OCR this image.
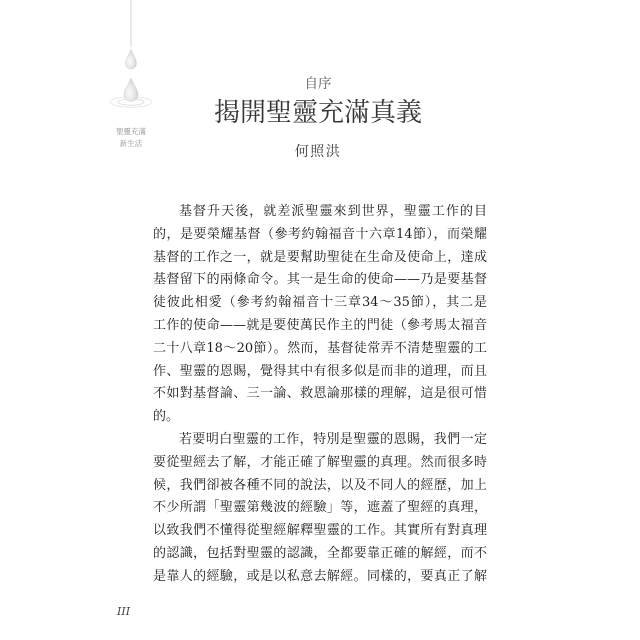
聖靈充滿
新生活
自序
揭開聖靈充滿真義
何照洪
基督升天後，就差派聖靈來到世界，聖靈工作的目
的，是要榮耀基督（參考約翰福音十六章14節），而榮耀
基督的工作之一，就是要幫助聖徒在生命及使命上，達成
基督留下的兩條命令。其一是生命的使命——乃是要基督
徒彼此相愛（參考約翰福音十三章34～35節），其二是
工作的使命——就是要使萬民作主的門徒（參考馬太福音
二十八章18～20節）。然而，基督徒常弄不清楚聖靈的工
作、聖靈的恩賜，覺得其中有很多似是而非的道理，而且
不如對基督論、三一論、救恩論那樣的理解，這是很可惜
的。
若要明白聖靈的工作，特別是聖靈的恩賜，我們一定
要從聖經去了解，才能正確了解聖靈的真理。然而很多時
候，我們卻被各種不同的說法，以及不同人的經歷，加上
不少所謂「聖靈第幾波的經驗」等，遮蓋了聖經的真理，
以致我們不懂得從聖經解釋聖靈的工作。其實所有對真理
的認識，包括對聖靈的認識，全都要靠正確的解經，而不
是靠人的經驗，或是以私意去解經。同樣的，要真正了解
III
